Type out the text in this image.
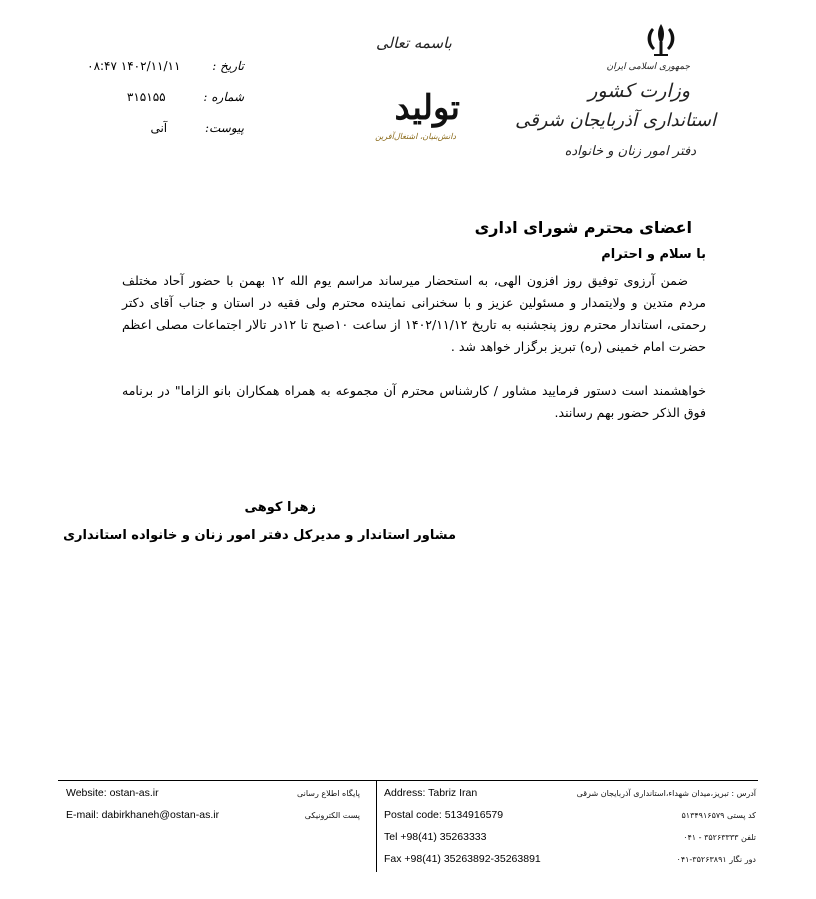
تاریخ : ۱۴۰۲/۱۱/۱۱ ۰۸:۴۷
شماره : ۳۱۵۱۵۵
پیوست: آنی
باسمه تعالی
تولید
دانش‌بنیان، اشتغال‌آفرین
جمهوری اسلامی ایران
وزارت کشور
استانداری آذربایجان شرقی
دفتر امور زنان و خانواده
اعضای محترم شورای اداری
با سلام و احترام
ضمن آرزوی توفیق روز افزون الهی، به استحضار میرساند مراسم یوم الله ۱۲ بهمن با حضور آحاد مختلف مردم متدین و ولایتمدار و مسئولین عزیز و با سخنرانی نماینده محترم ولی فقیه در استان و جناب آقای دکتر رحمتی، استاندار محترم روز پنجشنبه به تاریخ ۱۴۰۲/۱۱/۱۲ از ساعت ۱۰صبح تا ۱۲در تالار اجتماعات مصلی اعظم حضرت امام خمینی (ره) تبریز برگزار خواهد شد .
خواهشمند است دستور فرمایید مشاور / کارشناس محترم آن مجموعه به همراه همکاران بانو الزاما" در برنامه فوق الذکر حضور بهم رسانند.
زهرا کوهی
مشاور استاندار و مدیرکل دفتر امور زنان و خانواده استانداری
Website: ostan-as.ir	پایگاه اطلاع رسانی
E-mail: dabirkhaneh@ostan-as.ir	پست الکترونیکی
Address: Tabriz Iran	آدرس : تبریز،میدان شهداء،استانداری آذربایجان شرقی
Postal code: 5134916579	کد پستی ۵۱۳۴۹۱۶۵۷۹
Tel +98(41) 35263333	تلفن ۳۵۲۶۳۳۳۳ - ۰۴۱
Fax +98(41) 35263892-35263891	دور نگار ۳۵۲۶۳۸۹۱-۰۴۱
